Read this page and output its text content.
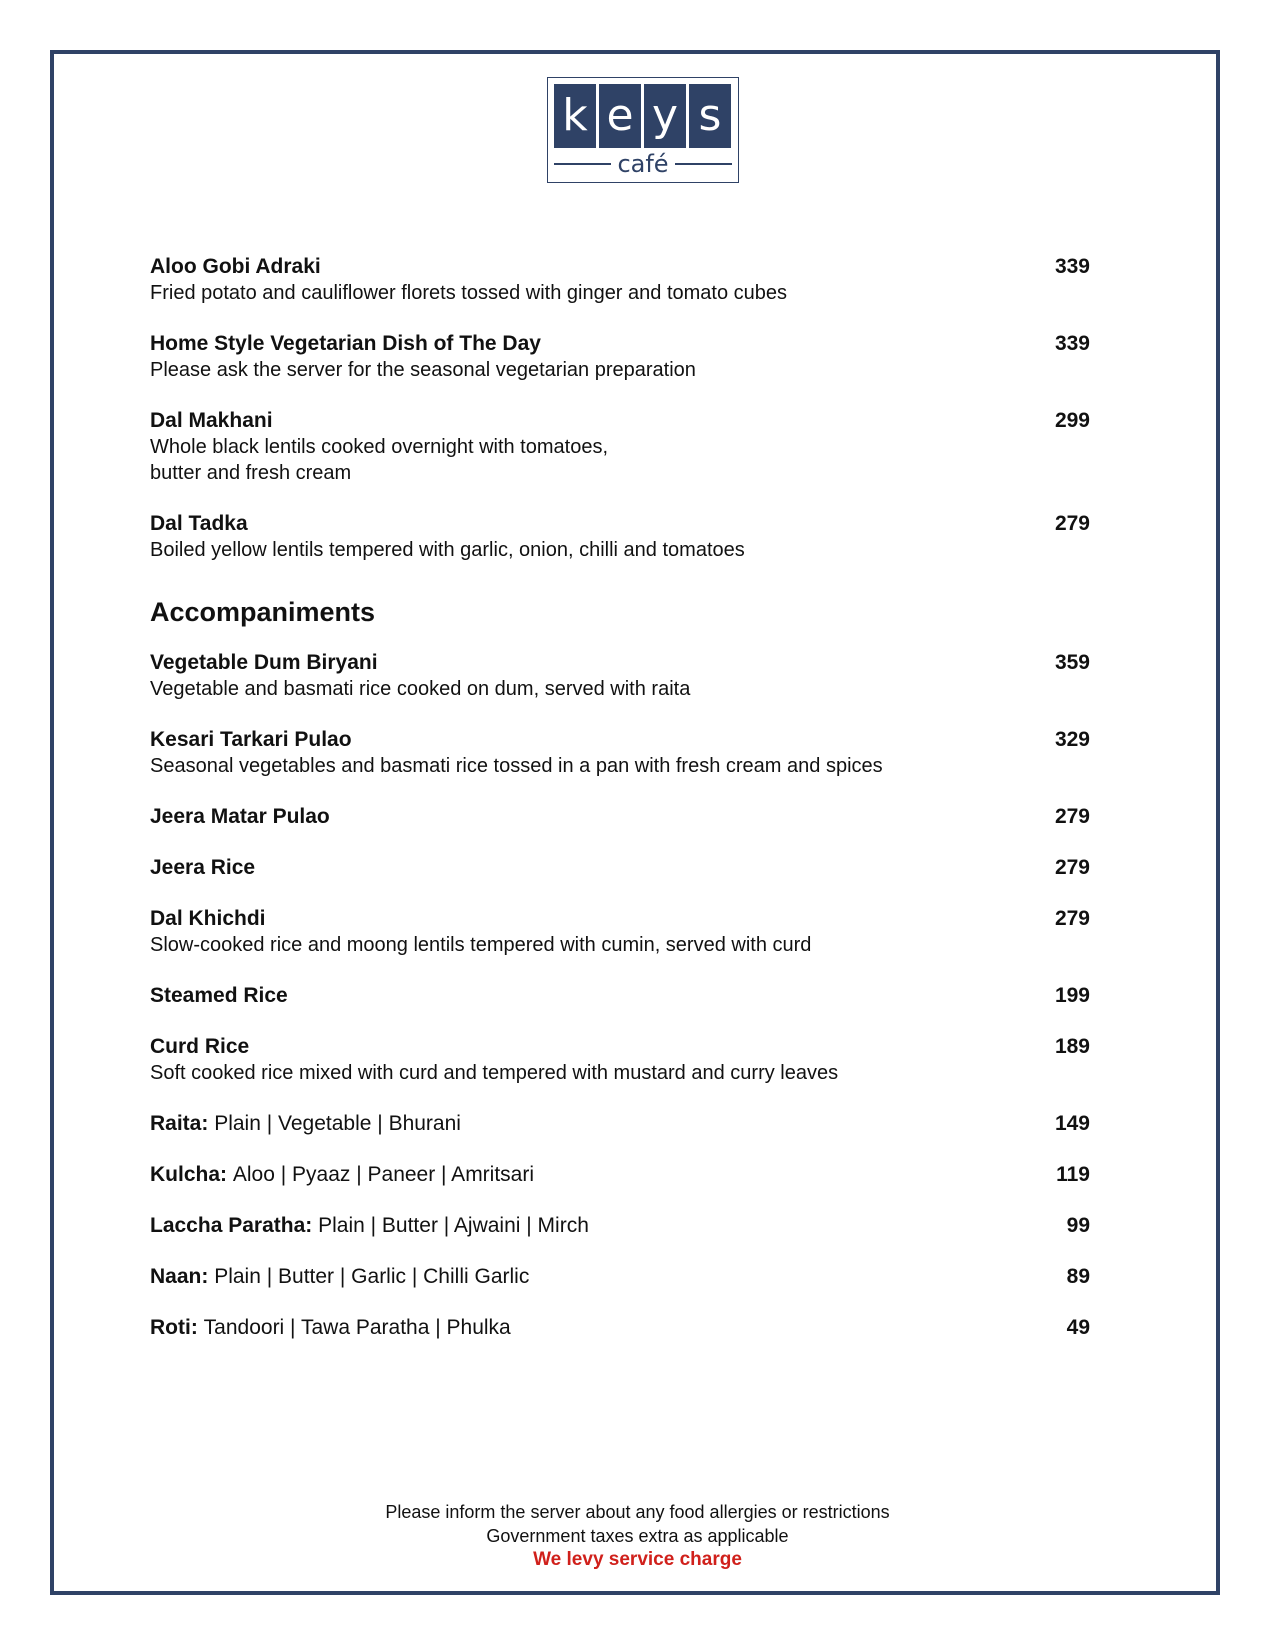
k e y s
café
Aloo Gobi Adraki	339
Fried potato and cauliflower florets tossed with ginger and tomato cubes
Home Style Vegetarian Dish of The Day	339
Please ask the server for the seasonal vegetarian preparation
Dal Makhani	299
Whole black lentils cooked overnight with tomatoes,
butter and fresh cream
Dal Tadka	279
Boiled yellow lentils tempered with garlic, onion, chilli and tomatoes
Accompaniments
Vegetable Dum Biryani	359
Vegetable and basmati rice cooked on dum, served with raita
Kesari Tarkari Pulao	329
Seasonal vegetables and basmati rice tossed in a pan with fresh cream and spices
Jeera Matar Pulao	279
Jeera Rice	279
Dal Khichdi	279
Slow-cooked rice and moong lentils tempered with cumin, served with curd
Steamed Rice	199
Curd Rice	189
Soft cooked rice mixed with curd and tempered with mustard and curry leaves
Raita: Plain | Vegetable | Bhurani	149
Kulcha: Aloo | Pyaaz | Paneer | Amritsari	119
Laccha Paratha: Plain | Butter | Ajwaini | Mirch	99
Naan: Plain | Butter | Garlic | Chilli Garlic	89
Roti: Tandoori | Tawa Paratha | Phulka	49
Please inform the server about any food allergies or restrictions
Government taxes extra as applicable
We levy service charge
